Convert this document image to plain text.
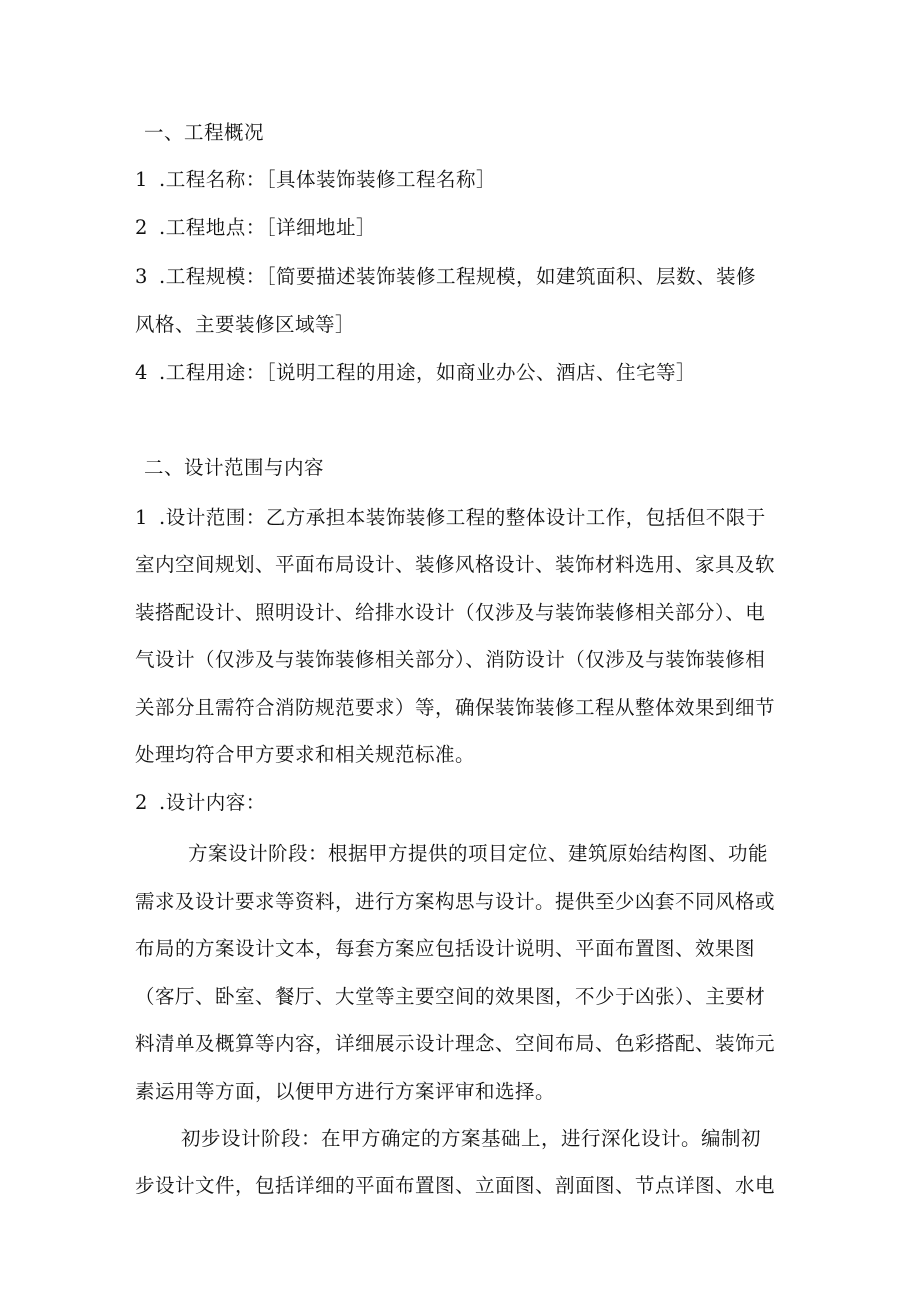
一、工程概况
1 .工程名称：［具体装饰装修工程名称］
2 .工程地点：［详细地址］
3 .工程规模：［简要描述装饰装修工程规模，如建筑面积、层数、装修
风格、主要装修区域等］
4 .工程用途：［说明工程的用途，如商业办公、酒店、住宅等］
二、设计范围与内容
1 .设计范围：乙方承担本装饰装修工程的整体设计工作，包括但不限于
室内空间规划、平面布局设计、装修风格设计、装饰材料选用、家具及软
装搭配设计、照明设计、给排水设计（仅涉及与装饰装修相关部分）、电
气设计（仅涉及与装饰装修相关部分）、消防设计（仅涉及与装饰装修相
关部分且需符合消防规范要求）等，确保装饰装修工程从整体效果到细节
处理均符合甲方要求和相关规范标准。
2 .设计内容：
方案设计阶段：根据甲方提供的项目定位、建筑原始结构图、功能
需求及设计要求等资料，进行方案构思与设计。提供至少凶套不同风格或
布局的方案设计文本，每套方案应包括设计说明、平面布置图、效果图
（客厅、卧室、餐厅、大堂等主要空间的效果图，不少于凶张）、主要材
料清单及概算等内容，详细展示设计理念、空间布局、色彩搭配、装饰元
素运用等方面，以便甲方进行方案评审和选择。
初步设计阶段：在甲方确定的方案基础上，进行深化设计。编制初
步设计文件，包括详细的平面布置图、立面图、剖面图、节点详图、水电
